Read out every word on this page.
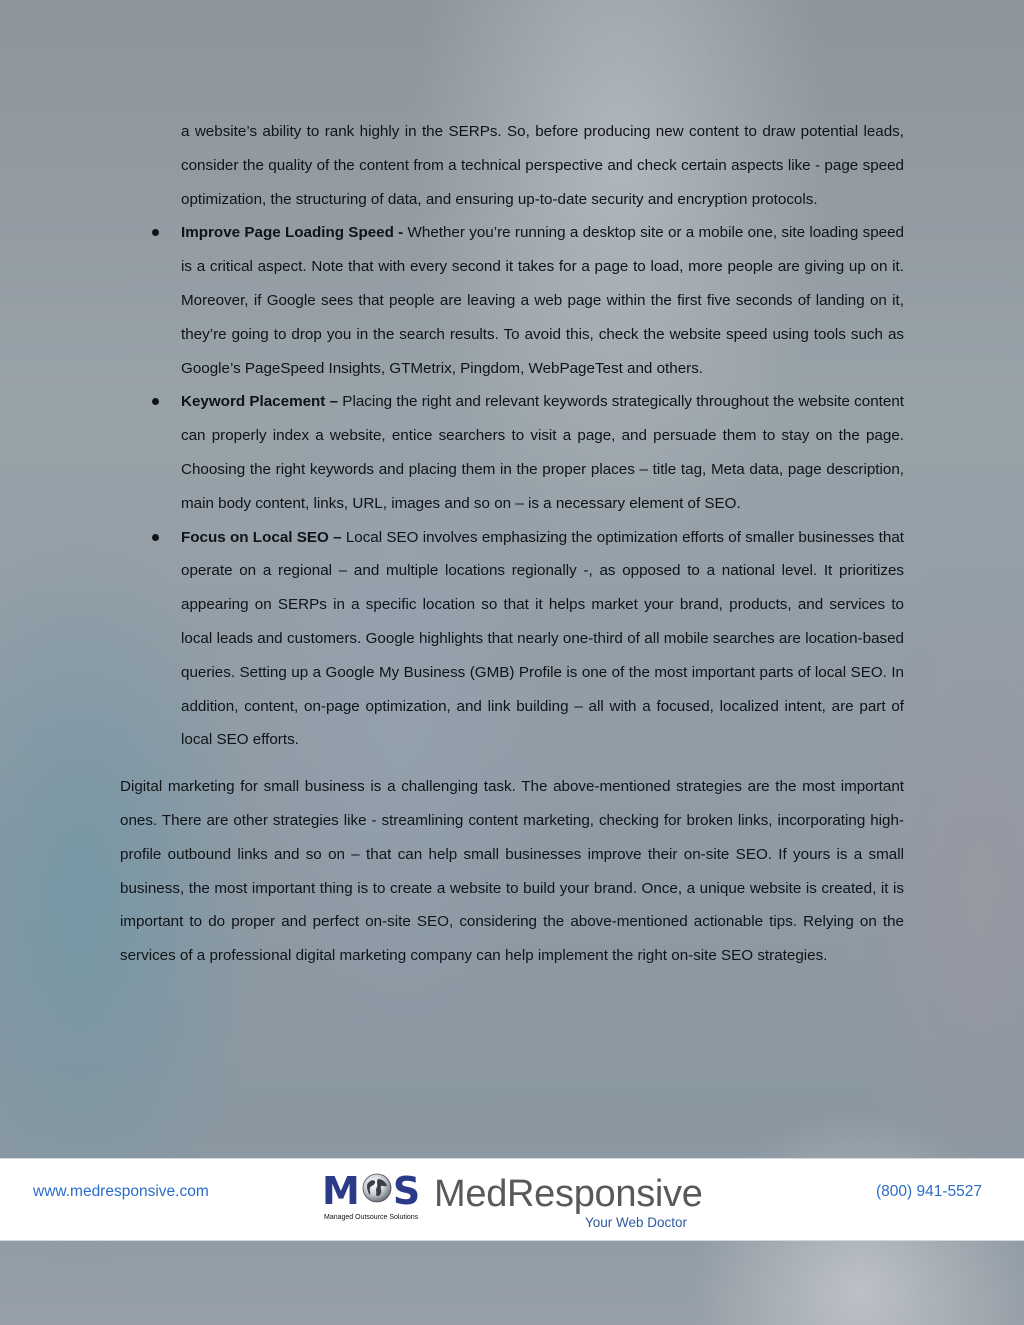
a website’s ability to rank highly in the SERPs. So, before producing new content to draw potential leads, consider the quality of the content from a technical perspective and check certain aspects like - page speed optimization, the structuring of data, and ensuring up-to-date security and encryption protocols.

Improve Page Loading Speed - Whether you’re running a desktop site or a mobile one, site loading speed is a critical aspect. Note that with every second it takes for a page to load, more people are giving up on it. Moreover, if Google sees that people are leaving a web page within the first five seconds of landing on it, they’re going to drop you in the search results. To avoid this, check the website speed using tools such as Google’s PageSpeed Insights, GTMetrix, Pingdom, WebPageTest and others.
Keyword Placement – Placing the right and relevant keywords strategically throughout the website content can properly index a website, entice searchers to visit a page, and persuade them to stay on the page. Choosing the right keywords and placing them in the proper places – title tag, Meta data, page description, main body content, links, URL, images and so on – is a necessary element of SEO.
Focus on Local SEO – Local SEO involves emphasizing the optimization efforts of smaller businesses that operate on a regional – and multiple locations regionally -, as opposed to a national level. It prioritizes appearing on SERPs in a specific location so that it helps market your brand, products, and services to local leads and customers. Google highlights that nearly one-third of all mobile searches are location-based queries. Setting up a Google My Business (GMB) Profile is one of the most important parts of local SEO. In addition, content, on-page optimization, and link building – all with a focused, localized intent, are part of local SEO efforts.

Digital marketing for small business is a challenging task. The above-mentioned strategies are the most important ones. There are other strategies like - streamlining content marketing, checking for broken links, incorporating high-profile outbound links and so on – that can help small businesses improve their on-site SEO. If yours is a small business, the most important thing is to create a website to build your brand. Once, a unique website is created, it is important to do proper and perfect on-site SEO, considering the above-mentioned actionable tips. Relying on the services of a professional digital marketing company can help implement the right on-site SEO strategies.

www.medresponsive.com	M S
Managed Outsource Solutions
MedResponsive
Your Web Doctor
(800) 941-5527
